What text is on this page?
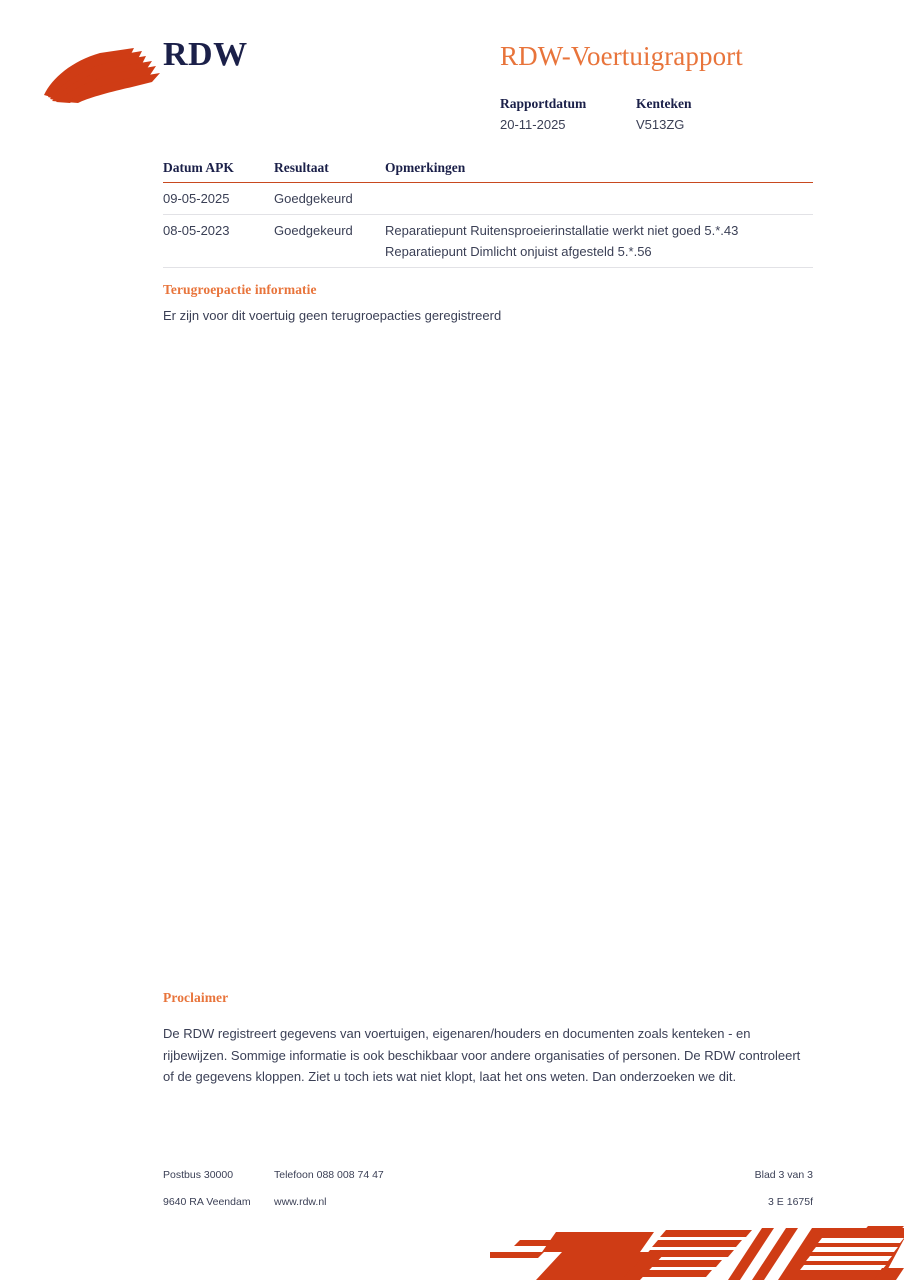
RDW	RDW-Voertuigrapport
Rapportdatum
20-11-2025
Kenteken
V513ZG
Datum APK	Resultaat	Opmerkingen
09-05-2025	Goedgekeurd
08-05-2023	Goedgekeurd	Reparatiepunt Ruitensproeierinstallatie werkt niet goed 5.*.43
Reparatiepunt Dimlicht onjuist afgesteld 5.*.56
Terugroepactie informatie
Er zijn voor dit voertuig geen terugroepacties geregistreerd
Proclaimer
De RDW registreert gegevens van voertuigen, eigenaren/houders en documenten zoals kenteken - en rijbewijzen. Sommige informatie is ook beschikbaar voor andere organisaties of personen. De RDW controleert of de gegevens kloppen. Ziet u toch iets wat niet klopt, laat het ons weten. Dan onderzoeken we dit.
Postbus 30000	Telefoon 088 008 74 47	Blad 3 van 3
9640 RA Veendam www.rdw.nl	3 E 1675f
